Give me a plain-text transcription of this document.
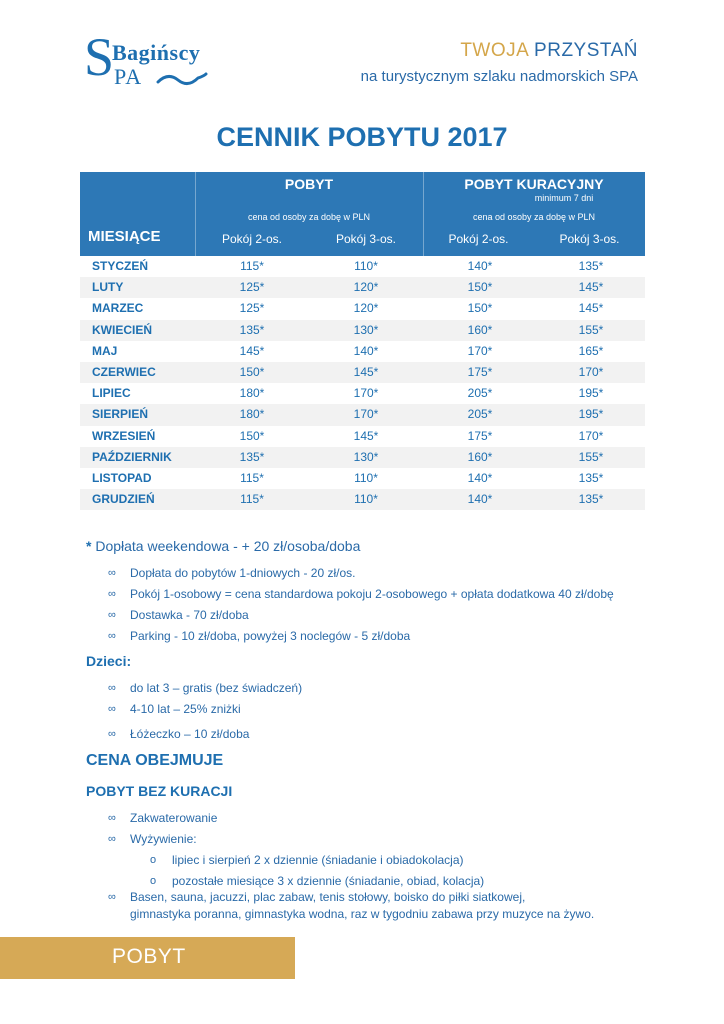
S
Bagińscy
PA
TWOJA PRZYSTAŃ
na turystycznym szlaku nadmorskich SPA
CENNIK POBYTU 2017
MIESIĄCE
POBYT
cena od osoby za dobę w PLN
Pokój 2-os.	Pokój 3-os.
POBYT KURACYJNY
minimum 7 dni
cena od osoby za dobę w PLN
Pokój 2-os.	Pokój 3-os.
STYCZEŃ	115*	110*	140*	135*
LUTY	125*	120*	150*	145*
MARZEC	125*	120*	150*	145*
KWIECIEŃ	135*	130*	160*	155*
MAJ	145*	140*	170*	165*
CZERWIEC	150*	145*	175*	170*
LIPIEC	180*	170*	205*	195*
SIERPIEŃ	180*	170*	205*	195*
WRZESIEŃ	150*	145*	175*	170*
PAŹDZIERNIK	135*	130*	160*	155*
LISTOPAD	115*	110*	140*	135*
GRUDZIEŃ	115*	110*	140*	135*
* Dopłata weekendowa - + 20 zł/osoba/doba
∞ Dopłata do pobytów 1-dniowych - 20 zł/os.
∞ Pokój 1-osobowy = cena standardowa pokoju 2-osobowego + opłata dodatkowa 40 zł/dobę
∞ Dostawka - 70 zł/doba
∞ Parking - 10 zł/doba, powyżej 3 noclegów - 5 zł/doba
Dzieci:
∞ do lat 3 – gratis (bez świadczeń)
∞ 4-10 lat – 25% zniżki
∞ Łóżeczko – 10 zł/doba
CENA OBEJMUJE
POBYT BEZ KURACJI
∞ Zakwaterowanie
∞ Wyżywienie:
o lipiec i sierpień 2 x dziennie (śniadanie i obiadokolacja)
o pozostałe miesiące 3 x dziennie (śniadanie, obiad, kolacja)
∞ Basen, sauna, jacuzzi, plac zabaw, tenis stołowy, boisko do piłki siatkowej,
gimnastyka poranna, gimnastyka wodna, raz w tygodniu zabawa przy muzyce na żywo.
POBYT
